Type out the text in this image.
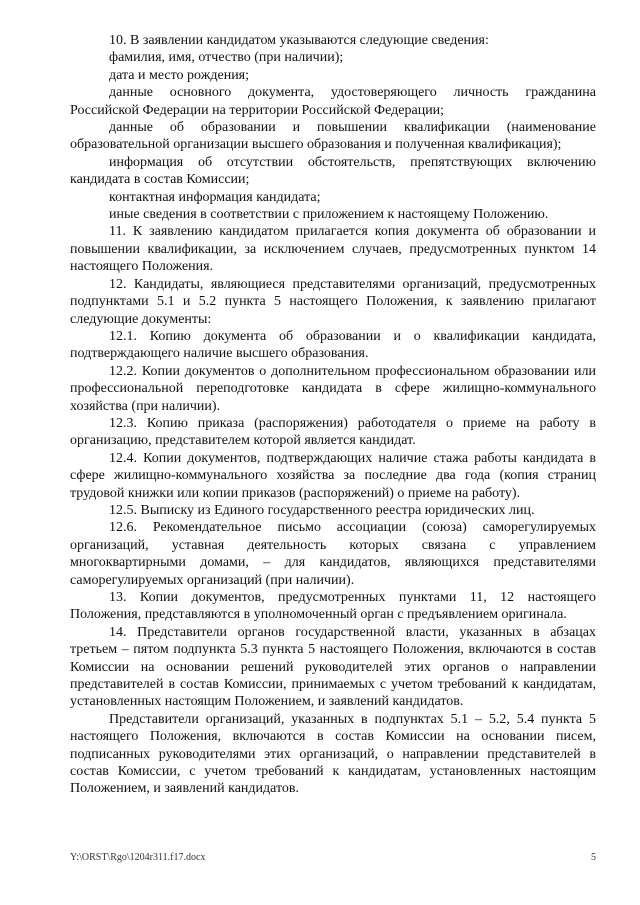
10. В заявлении кандидатом указываются следующие сведения:

фамилия, имя, отчество (при наличии);

дата и место рождения;

данные основного документа, удостоверяющего личность гражданина Российской Федерации на территории Российской Федерации;

данные об образовании и повышении квалификации (наименование образовательной организации высшего образования и полученная квалификация);

информация об отсутствии обстоятельств, препятствующих включению кандидата в состав Комиссии;

контактная информация кандидата;

иные сведения в соответствии с приложением к настоящему Положению.

11. К заявлению кандидатом прилагается копия документа об образовании и повышении квалификации, за исключением случаев, предусмотренных пунктом 14 настоящего Положения.

12. Кандидаты, являющиеся представителями организаций, предусмотренных подпунктами 5.1 и 5.2 пункта 5 настоящего Положения, к заявлению прилагают следующие документы:

12.1. Копию документа об образовании и о квалификации кандидата, подтверждающего наличие высшего образования.

12.2. Копии документов о дополнительном профессиональном образовании или профессиональной переподготовке кандидата в сфере жилищно-коммунального хозяйства (при наличии).

12.3. Копию приказа (распоряжения) работодателя о приеме на работу в организацию, представителем которой является кандидат.

12.4. Копии документов, подтверждающих наличие стажа работы кандидата в сфере жилищно-коммунального хозяйства за последние два года (копия страниц трудовой книжки или копии приказов (распоряжений) о приеме на работу).

12.5. Выписку из Единого государственного реестра юридических лиц.

12.6. Рекомендательное письмо ассоциации (союза) саморегулируемых организаций, уставная деятельность которых связана с управлением многоквартирными домами, – для кандидатов, являющихся представителями саморегулируемых организаций (при наличии).

13. Копии документов, предусмотренных пунктами 11, 12 настоящего Положения, представляются в уполномоченный орган с предъявлением оригинала.

14. Представители органов государственной власти, указанных в абзацах третьем – пятом подпункта 5.3 пункта 5 настоящего Положения, включаются в состав Комиссии на основании решений руководителей этих органов о направлении представителей в состав Комиссии, принимаемых с учетом требований к кандидатам, установленных настоящим Положением, и заявлений кандидатов.

Представители организаций, указанных в подпунктах 5.1 – 5.2, 5.4 пункта 5 настоящего Положения, включаются в состав Комиссии на основании писем, подписанных руководителями этих организаций, о направлении представителей в состав Комиссии, с учетом требований к кандидатам, установленных настоящим Положением, и заявлений кандидатов.

Y:\ORST\Rgo\1204r311.f17.docx	5
